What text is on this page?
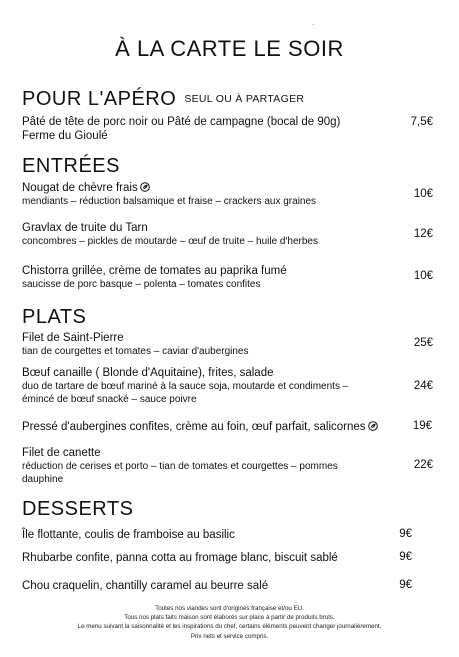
À LA CARTE LE SOIR
POUR L'APÉRO SEUL OU À PARTAGER
Pâté de tête de porc noir ou Pâté de campagne (bocal de 90g)
Ferme du Gioulé
7,5€
ENTRÉES
Nougat de chèvre frais
mendiants – réduction balsamique et fraise – crackers aux graines
10€
Gravlax de truite du Tarn
concombres – pickles de moutarde – œuf de truite – huile d'herbes
12€
Chistorra grillée, crème de tomates au paprika fumé
saucisse de porc basque – polenta – tomates confites
10€
PLATS
Filet de Saint-Pierre
tian de courgettes et tomates – caviar d'aubergines
25€
Bœuf canaille ( Blonde d'Aquitaine), frites, salade
duo de tartare de bœuf mariné à la sauce soja, moutarde et condiments –
émincé de bœuf snacké – sauce poivre
24€
Pressé d'aubergines confites, crème au foin, œuf parfait, salicornes	19€
Filet de canette
réduction de cerises et porto – tian de tomates et courgettes – pommes
dauphine
22€
DESSERTS
Île flottante, coulis de framboise au basilic	9€
Rhubarbe confite, panna cotta au fromage blanc, biscuit sablé	9€
Chou craquelin, chantilly caramel au beurre salé	9€
Toutes nos viandes sont d'origines française et/ou EU.
Tous nos plats faits maison sont élaborés sur place à partir de produits bruts.
Le menu suivant la saisonnalité et les inspirations du chef, certains éléments peuvent changer journalièrement.
Prix nets et service compris.
